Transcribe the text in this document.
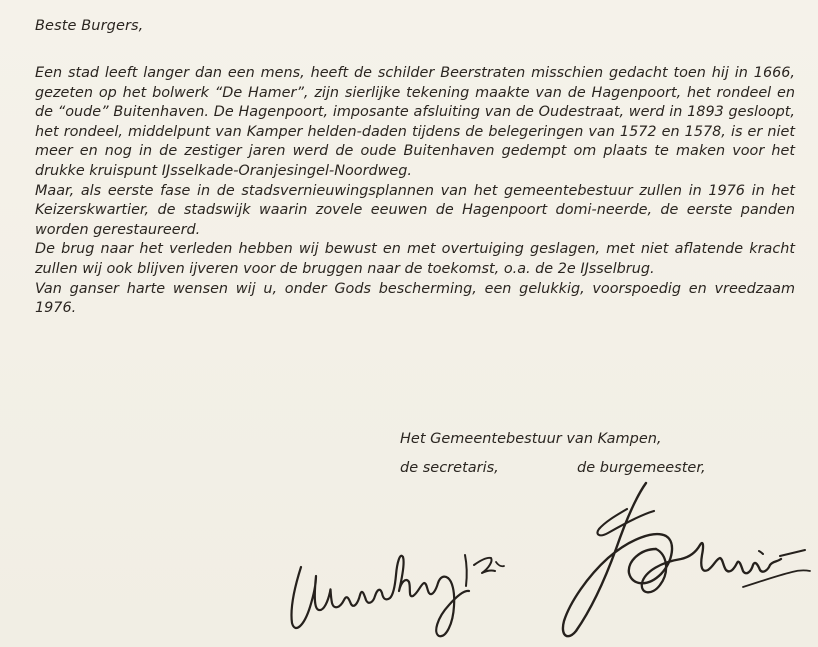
Beste Burgers,

Een stad leeft langer dan een mens, heeft de schilder Beerstraten misschien gedacht toen hij in 1666, gezeten op het bolwerk “De Hamer”, zijn sierlijke tekening maakte van de Hagenpoort, het rondeel en de “oude” Buitenhaven. De Hagenpoort, imposante afsluiting van de Oudestraat, werd in 1893 gesloopt, het rondeel, middelpunt van Kamper helden-daden tijdens de belegeringen van 1572 en 1578, is er niet meer en nog in de zestiger jaren werd de oude Buitenhaven gedempt om plaats te maken voor het drukke kruispunt IJsselkade-Oranjesingel-Noordweg.

Maar, als eerste fase in de stadsvernieuwingsplannen van het gemeentebestuur zullen in 1976 in het Keizerskwartier, de stadswijk waarin zovele eeuwen de Hagenpoort domi-neerde, de eerste panden worden gerestaureerd.

De brug naar het verleden hebben wij bewust en met overtuiging geslagen, met niet aflatende kracht zullen wij ook blijven ijveren voor de bruggen naar de toekomst, o.a. de 2e IJsselbrug.

Van ganser harte wensen wij u, onder Gods bescherming, een gelukkig, voorspoedig en vreedzaam 1976.

Het Gemeentebestuur van Kampen,

de secretaris,	de burgemeester,
